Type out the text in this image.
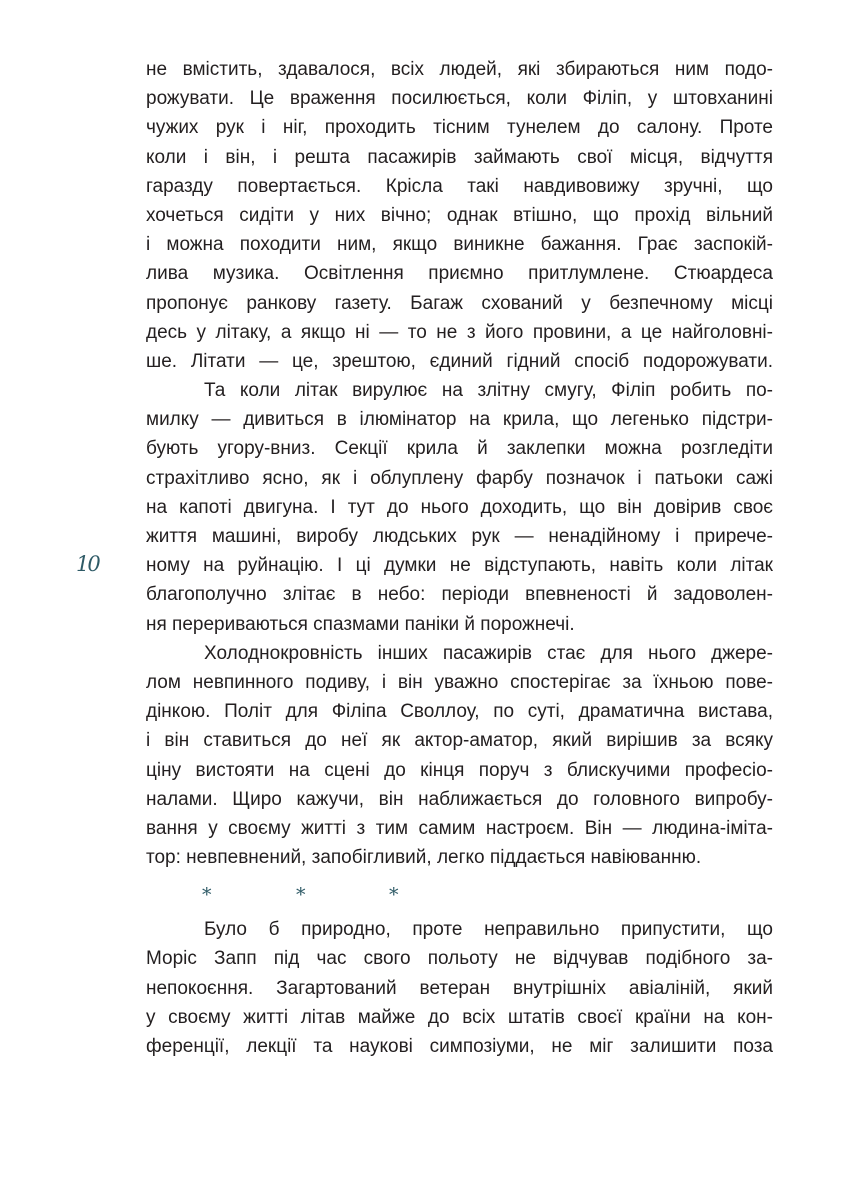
10
не вмістить, здавалося, всіх людей, які збираються ним подо-
рожувати. Це враження посилюється, коли Філіп, у штовханині
чужих рук і ніг, проходить тісним тунелем до салону. Проте
коли і він, і решта пасажирів займають свої місця, відчуття
гаразду повертається. Крісла такі навдивовижу зручні, що
хочеться сидіти у них вічно; однак втішно, що прохід вільний
і можна походити ним, якщо виникне бажання. Грає заспокій-
лива музика. Освітлення приємно притлумлене. Стюардеса
пропонує ранкову газету. Багаж схований у безпечному місці
десь у літаку, а якщо ні — то не з його провини, а це найголовні-
ше. Літати — це, зрештою, єдиний гідний спосіб подорожувати.
Та коли літак вирулює на злітну смугу, Філіп робить по-
милку — дивиться в ілюмінатор на крила, що легенько підстри-
бують угору-вниз. Секції крила й заклепки можна розгледіти
страхітливо ясно, як і облуплену фарбу позначок і патьоки сажі
на капоті двигуна. І тут до нього доходить, що він довірив своє
життя машині, виробу людських рук — ненадійному і прирече-
ному на руйнацію. І ці думки не відступають, навіть коли літак
благополучно злітає в небо: періоди впевненості й задоволен-
ня перериваються спазмами паніки й порожнечі.
Холоднокровність інших пасажирів стає для нього джере-
лом невпинного подиву, і він уважно спостерігає за їхньою пове-
дінкою. Політ для Філіпа Своллоу, по суті, драматична вистава,
і він ставиться до неї як актор-аматор, який вирішив за всяку
ціну вистояти на сцені до кінця поруч з блискучими професіо-
налами. Щиро кажучи, він наближається до головного випробу-
вання у своєму житті з тим самим настроєм. Він — людина-іміта-
тор: невпевнений, запобігливий, легко піддається навіюванню.
*	*	*
Було б природно, проте неправильно припустити, що
Моріс Запп під час свого польоту не відчував подібного за-
непокоєння. Загартований ветеран внутрішніх авіаліній, який
у своєму житті літав майже до всіх штатів своєї країни на кон-
ференції, лекції та наукові симпозіуми, не міг залишити поза
